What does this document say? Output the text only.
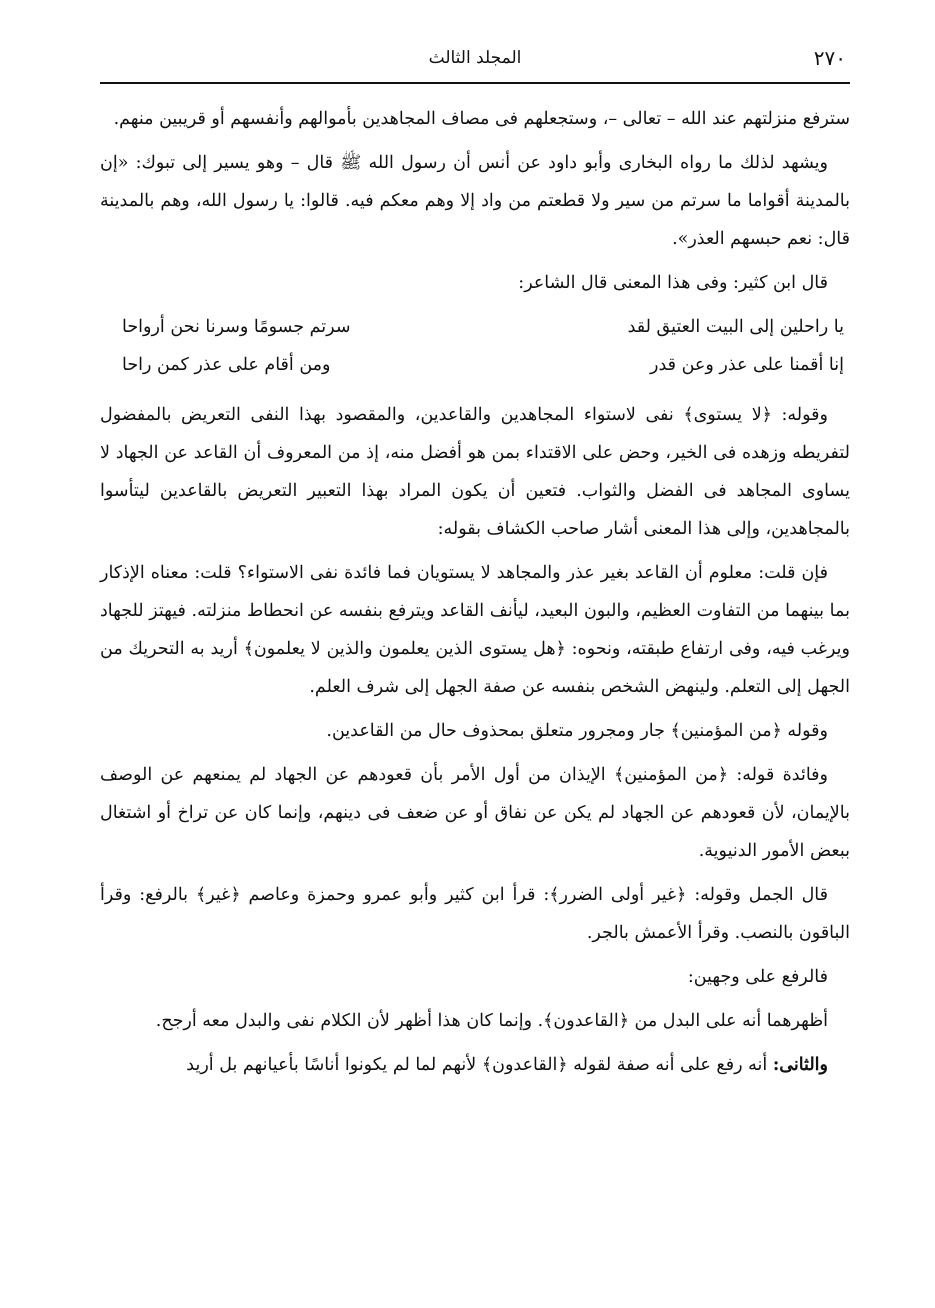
٢٧٠
المجلد الثالث

سترفع منزلتهم عند الله – تعالى –، وستجعلهم فى مصاف المجاهدين بأموالهم وأنفسهم أو قريبين منهم.

ويشهد لذلك ما رواه البخارى وأبو داود عن أنس أن رسول الله ﷺ قال – وهو يسير إلى تبوك: «إن بالمدينة أقواما ما سرتم من سير ولا قطعتم من واد إلا وهم معكم فيه. قالوا: يا رسول الله، وهم بالمدينة قال: نعم حبسهم العذر».

قال ابن كثير: وفى هذا المعنى قال الشاعر:

يا راحلين إلى البيت العتيق لقد
سرتم جسومًا وسرنا نحن أرواحا
إنا أقمنا على عذر وعن قدر
ومن أقام على عذر كمن راحا

وقوله: ﴿لا يستوى﴾ نفى لاستواء المجاهدين والقاعدين، والمقصود بهذا النفى التعريض بالمفضول لتفريطه وزهده فى الخير، وحض على الاقتداء بمن هو أفضل منه، إذ من المعروف أن القاعد عن الجهاد لا يساوى المجاهد فى الفضل والثواب. فتعين أن يكون المراد بهذا التعبير التعريض بالقاعدين ليتأسوا بالمجاهدين، وإلى هذا المعنى أشار صاحب الكشاف بقوله:

فإن قلت: معلوم أن القاعد بغير عذر والمجاهد لا يستويان فما فائدة نفى الاستواء؟ قلت: معناه الإذكار بما بينهما من التفاوت العظيم، والبون البعيد، ليأنف القاعد ويترفع بنفسه عن انحطاط منزلته. فيهتز للجهاد ويرغب فيه، وفى ارتفاع طبقته، ونحوه: ﴿هل يستوى الذين يعلمون والذين لا يعلمون﴾ أريد به التحريك من الجهل إلى التعلم. ولينهض الشخص بنفسه عن صفة الجهل إلى شرف العلم.

وقوله ﴿من المؤمنين﴾ جار ومجرور متعلق بمحذوف حال من القاعدين.

وفائدة قوله: ﴿من المؤمنين﴾ الإيذان من أول الأمر بأن قعودهم عن الجهاد لم يمنعهم عن الوصف بالإيمان، لأن قعودهم عن الجهاد لم يكن عن نفاق أو عن ضعف فى دينهم، وإنما كان عن تراخ أو اشتغال ببعض الأمور الدنيوية.

قال الجمل وقوله: ﴿غير أولى الضرر﴾: قرأ ابن كثير وأبو عمرو وحمزة وعاصم ﴿غير﴾ بالرفع: وقرأ الباقون بالنصب. وقرأ الأعمش بالجر.

فالرفع على وجهين:

أظهرهما أنه على البدل من ﴿القاعدون﴾. وإنما كان هذا أظهر لأن الكلام نفى والبدل معه أرجح.

والثانى: أنه رفع على أنه صفة لقوله ﴿القاعدون﴾ لأنهم لما لم يكونوا أناسًا بأعيانهم بل أريد
